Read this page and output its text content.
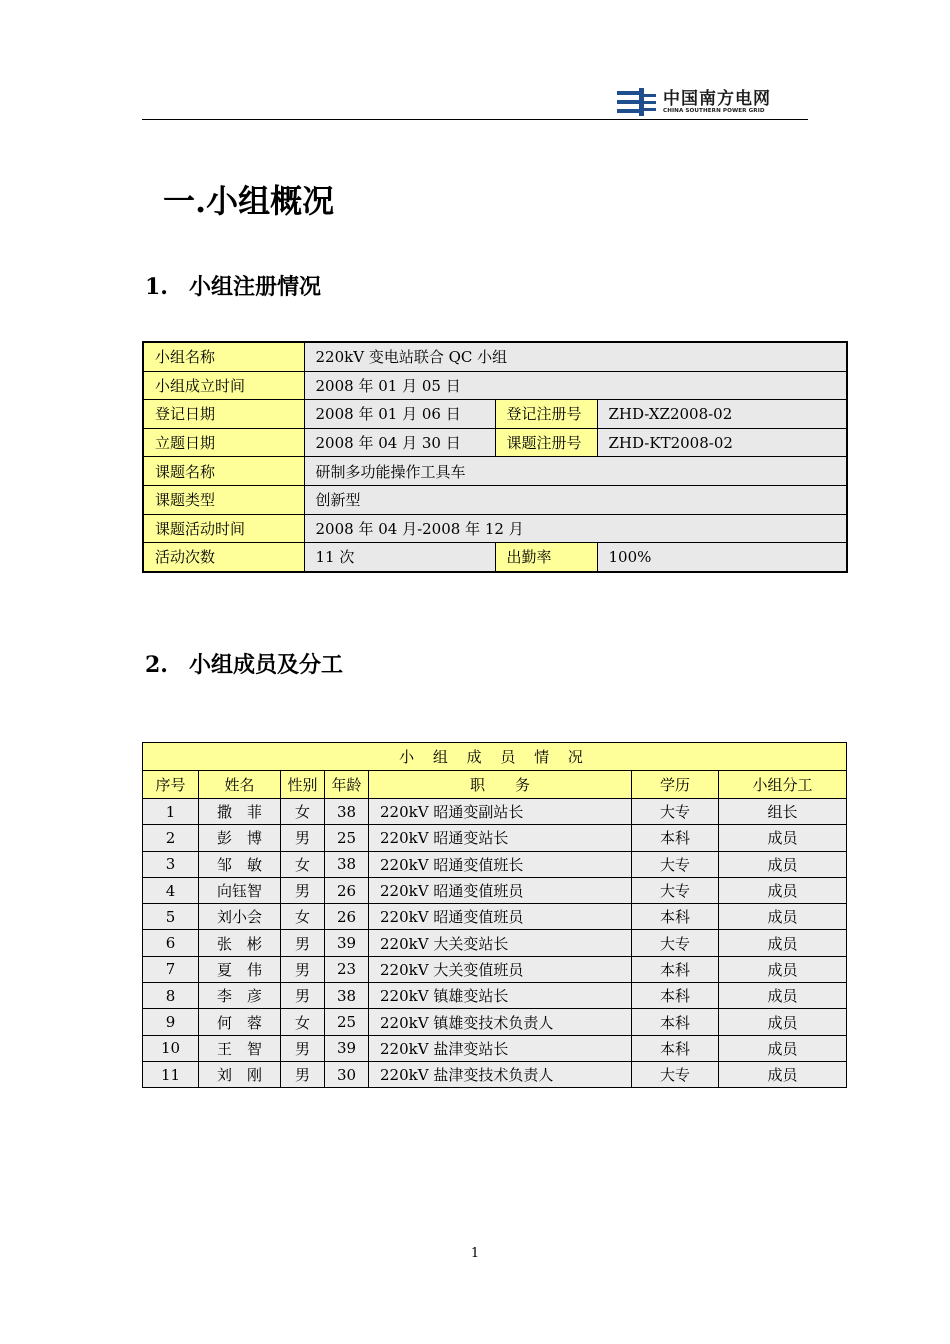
中国南方电网
CHINA SOUTHERN POWER GRID
一.小组概况
1. 小组注册情况
小组名称	220kV 变电站联合 QC 小组		
小组成立时间	2008 年 01 月 05 日		
登记日期	2008 年 01 月 06 日	登记注册号	ZHD-XZ2008-02
立题日期	2008 年 04 月 30 日	课题注册号	ZHD-KT2008-02
课题名称	研制多功能操作工具车		
课题类型	创新型		
课题活动时间	2008 年 04 月-2008 年 12 月		
活动次数	11 次	出勤率	100%
2. 小组成员及分工
小 组 成 员 情 况						
序号	姓名	性别	年龄	职　　务	学历	小组分工
1	撒　菲	女	38	220kV 昭通变副站长	大专	组长
2	彭　博	男	25	220kV 昭通变站长	本科	成员
3	邹　敏	女	38	220kV 昭通变值班长	大专	成员
4	向钰智	男	26	220kV 昭通变值班员	大专	成员
5	刘小会	女	26	220kV 昭通变值班员	本科	成员
6	张　彬	男	39	220kV 大关变站长	大专	成员
7	夏　伟	男	23	220kV 大关变值班员	本科	成员
8	李　彦	男	38	220kV 镇雄变站长	本科	成员
9	何　蓉	女	25	220kV 镇雄变技术负责人	本科	成员
10	王　智	男	39	220kV 盐津变站长	本科	成员
11	刘　刚	男	30	220kV 盐津变技术负责人	大专	成员
1
